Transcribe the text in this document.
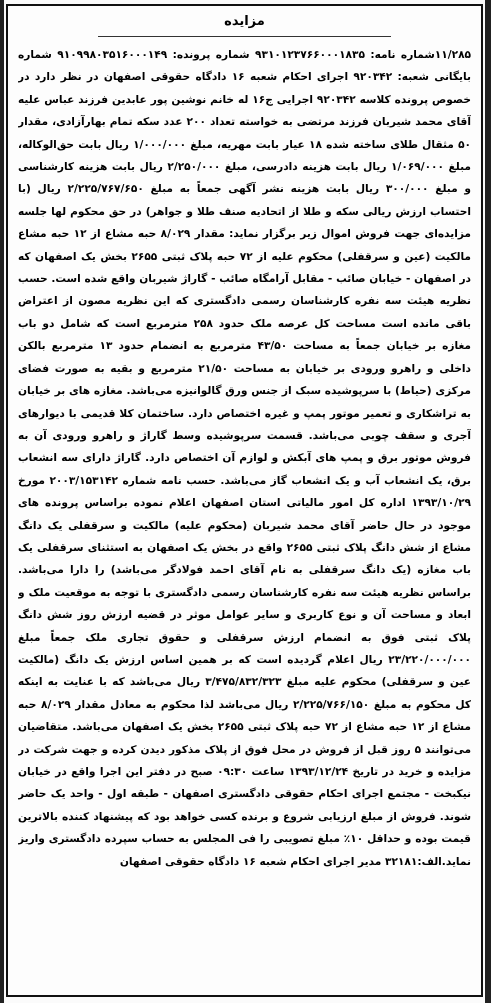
مزایده
۱۱/۲۸۵شماره نامه: ۹۳۱۰۱۲۳۷۶۶۰۰۰۱۸۳۵ شماره پرونده: ۹۱۰۹۹۸۰۳۵۱۶۰۰۰۱۴۹ شماره بایگانی شعبه: ۹۲۰۳۴۲ اجرای احکام شعبه ۱۶ دادگاه حقوقی اصفهان در نظر دارد در خصوص پرونده کلاسه ۹۲۰۳۴۲ اجرایی ج۱۶ له خانم نوشین پور عابدین فرزند عباس علیه آقای محمد شیربان فرزند مرتضی به خواسته تعداد ۲۰۰ عدد سکه تمام بهارآزادی، مقدار ۵۰ مثقال طلای ساخته شده ۱۸ عیار بابت مهریه، مبلغ ۱/۰۰۰/۰۰۰ ریال بابت حق‌الوکاله، مبلغ ۱/۰۶۹/۰۰۰ ریال بابت هزینه دادرسی، مبلغ ۲/۲۵۰/۰۰۰ ریال بابت هزینه کارشناسی و مبلغ ۳۰۰/۰۰۰ ریال بابت هزینه نشر آگهی جمعاً به مبلغ ۲/۲۲۵/۷۶۷/۶۵۰ ریال (با احتساب ارزش ریالی سکه و طلا از اتحادیه صنف طلا و جواهر) در حق محکوم لها جلسه مزایده‌ای جهت فروش اموال زیر برگزار نماید: مقدار ۸/۰۲۹ حبه مشاع از ۱۲ حبه مشاع مالکیت (عین و سرقفلی) محکوم علیه از ۷۲ حبه پلاک ثبتی ۲۶۵۵ بخش یک اصفهان که در اصفهان - خیابان صائب - مقابل آرامگاه صائب - گاراژ شیربان واقع شده است. حسب نظریه هیئت سه نفره کارشناسان رسمی دادگستری که این نظریه مصون از اعتراض باقی مانده است مساحت کل عرصه ملک حدود ۲۵۸ مترمربع است که شامل دو باب مغازه بر خیابان جمعاً به مساحت ۴۳/۵۰ مترمربع به انضمام حدود ۱۳ مترمربع بالکن داخلی و راهرو ورودی بر خیابان به مساحت ۲۱/۵۰ مترمربع و بقیه به صورت فضای مرکزی (حیاط) با سرپوشیده سبک از جنس ورق گالوانیزه می‌باشد. مغازه های بر خیابان به تراشکاری و تعمیر موتور پمپ و غیره اختصاص دارد. ساختمان کلا قدیمی با دیوارهای آجری و سقف چوبی می‌باشد. قسمت سرپوشیده وسط گاراژ و راهرو ورودی آن به فروش موتور برق و پمپ های آبکش و لوازم آن اختصاص دارد. گاراژ دارای سه انشعاب برق، یک انشعاب آب و یک انشعاب گاز می‌باشد. حسب نامه شماره ۲۰۰۳/۱۵۳۱۴۲ مورخ ۱۳۹۳/۱۰/۲۹ اداره کل امور مالیاتی استان اصفهان اعلام نموده براساس پرونده های موجود در حال حاضر آقای محمد شیربان (محکوم علیه) مالکیت و سرقفلی یک دانگ مشاع از شش دانگ پلاک ثبتی ۲۶۵۵ واقع در بخش یک اصفهان به استثنای سرقفلی یک باب مغازه (یک دانگ سرقفلی به نام آقای احمد فولادگر می‌باشد) را دارا می‌باشد. براساس نظریه هیئت سه نفره کارشناسان رسمی دادگستری با توجه به موقعیت ملک و ابعاد و مساحت آن و نوع کاربری و سایر عوامل موثر در قضیه ارزش روز شش دانگ پلاک ثبتی فوق به انضمام ارزش سرقفلی و حقوق تجاری ملک جمعاً مبلغ ۲۳/۲۲۰/۰۰۰/۰۰۰ ریال اعلام گردیده است که بر همین اساس ارزش یک دانگ (مالکیت عین و سرقفلی) محکوم علیه مبلغ ۳/۴۷۵/۸۳۲/۳۲۳ ریال می‌باشد که با عنایت به اینکه کل محکوم به مبلغ ۲/۲۲۵/۷۶۶/۱۵۰ ریال می‌باشد لذا محکوم به معادل مقدار ۸/۰۲۹ حبه مشاع از ۱۲ حبه مشاع از ۷۲ حبه پلاک ثبتی ۲۶۵۵ بخش یک اصفهان می‌باشد. متقاضیان می‌توانند ۵ روز قبل از فروش در محل فوق از پلاک مذکور دیدن کرده و جهت شرکت در مزایده و خرید در تاریخ ۱۳۹۳/۱۲/۲۴ ساعت ۰۹:۳۰ صبح در دفتر این اجرا واقع در خیابان نیکبخت - مجتمع اجرای احکام حقوقی دادگستری اصفهان - طبقه اول - واحد یک حاضر شوند. فروش از مبلغ ارزیابی شروع و برنده کسی خواهد بود که پیشنهاد کننده بالاترین قیمت بوده و حداقل ۱۰٪ مبلغ تصویبی را فی المجلس به حساب سپرده دادگستری واریز نماید.الف:۳۲۱۸۱ مدیر اجرای احکام شعبه ۱۶ دادگاه حقوقی اصفهان
